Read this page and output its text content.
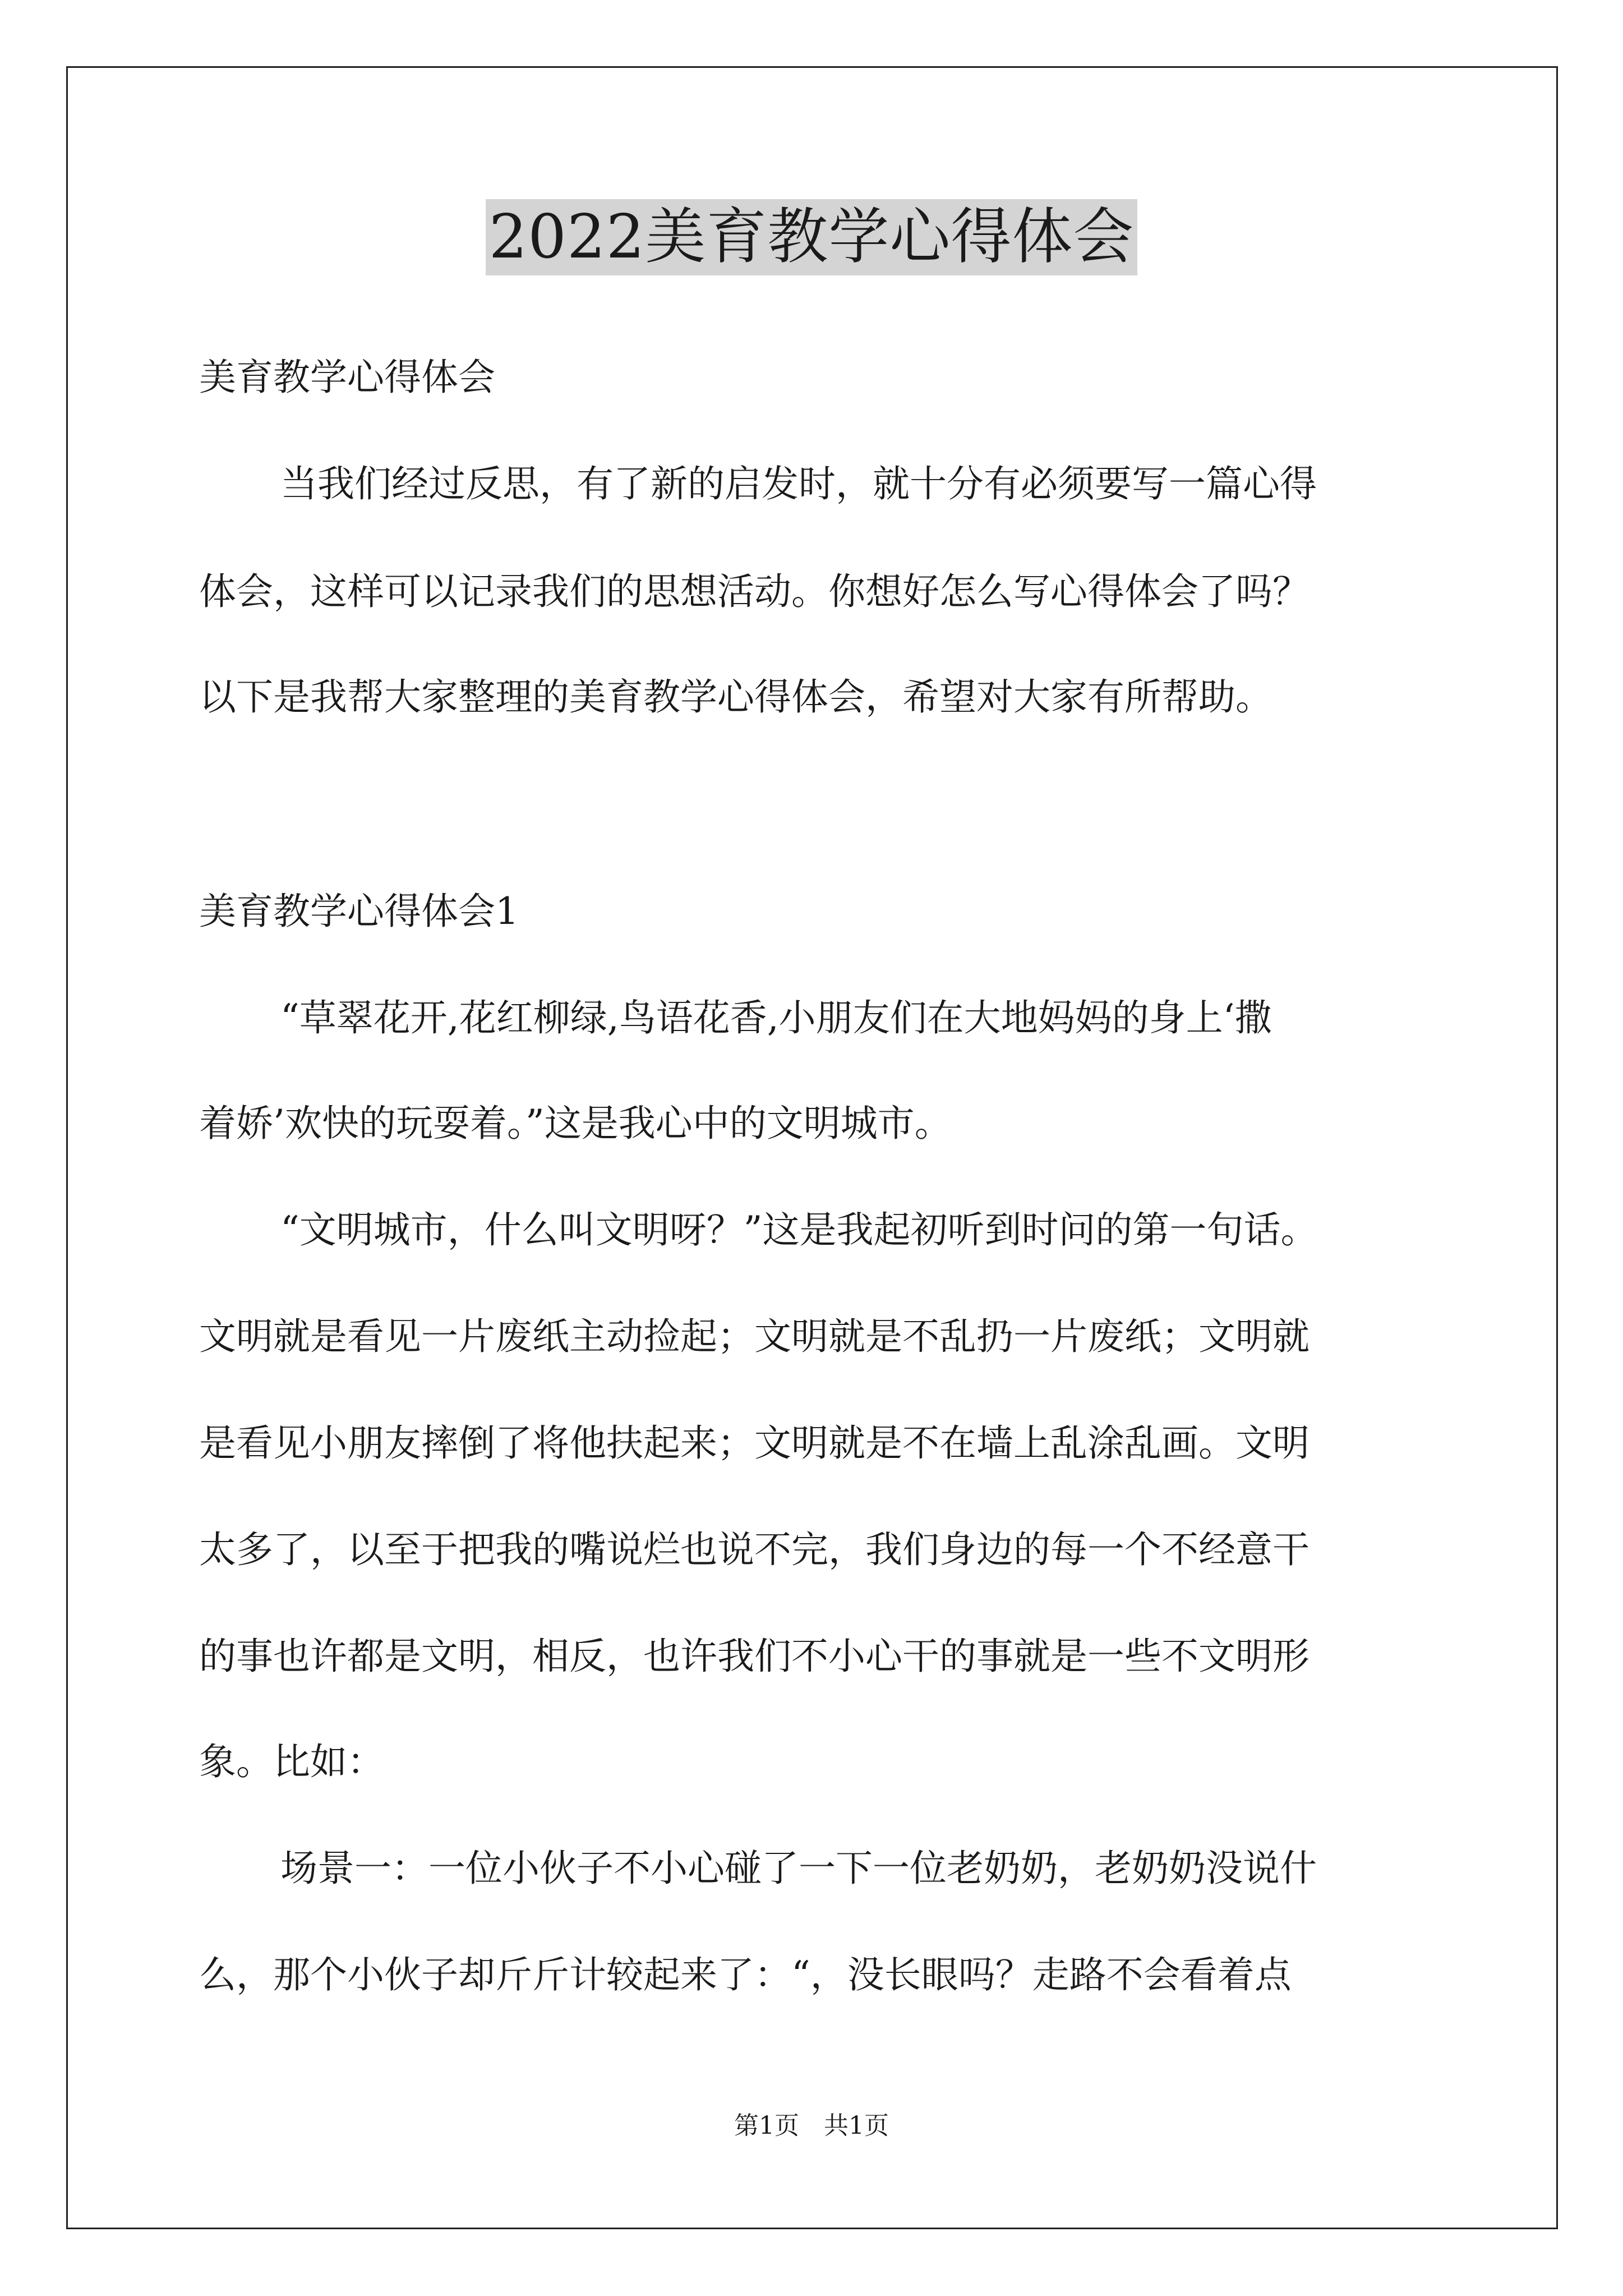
2022美育教学心得体会
美育教学心得体会
当我们经过反思，有了新的启发时，就十分有必须要写一篇心得
体会，这样可以记录我们的思想活动。你想好怎么写心得体会了吗？
以下是我帮大家整理的美育教学心得体会，希望对大家有所帮助。
美育教学心得体会1
“草翠花开,花红柳绿,鸟语花香,小朋友们在大地妈妈的身上‘撒
着娇’欢快的玩耍着。”这是我心中的文明城市。
“文明城市，什么叫文明呀？”这是我起初听到时问的第一句话。
文明就是看见一片废纸主动捡起；文明就是不乱扔一片废纸；文明就
是看见小朋友摔倒了将他扶起来；文明就是不在墙上乱涂乱画。文明
太多了，以至于把我的嘴说烂也说不完，我们身边的每一个不经意干
的事也许都是文明，相反，也许我们不小心干的事就是一些不文明形
象。比如：
场景一：一位小伙子不小心碰了一下一位老奶奶，老奶奶没说什
么，那个小伙子却斤斤计较起来了：“，没长眼吗？走路不会看着点
第1页　共1页
